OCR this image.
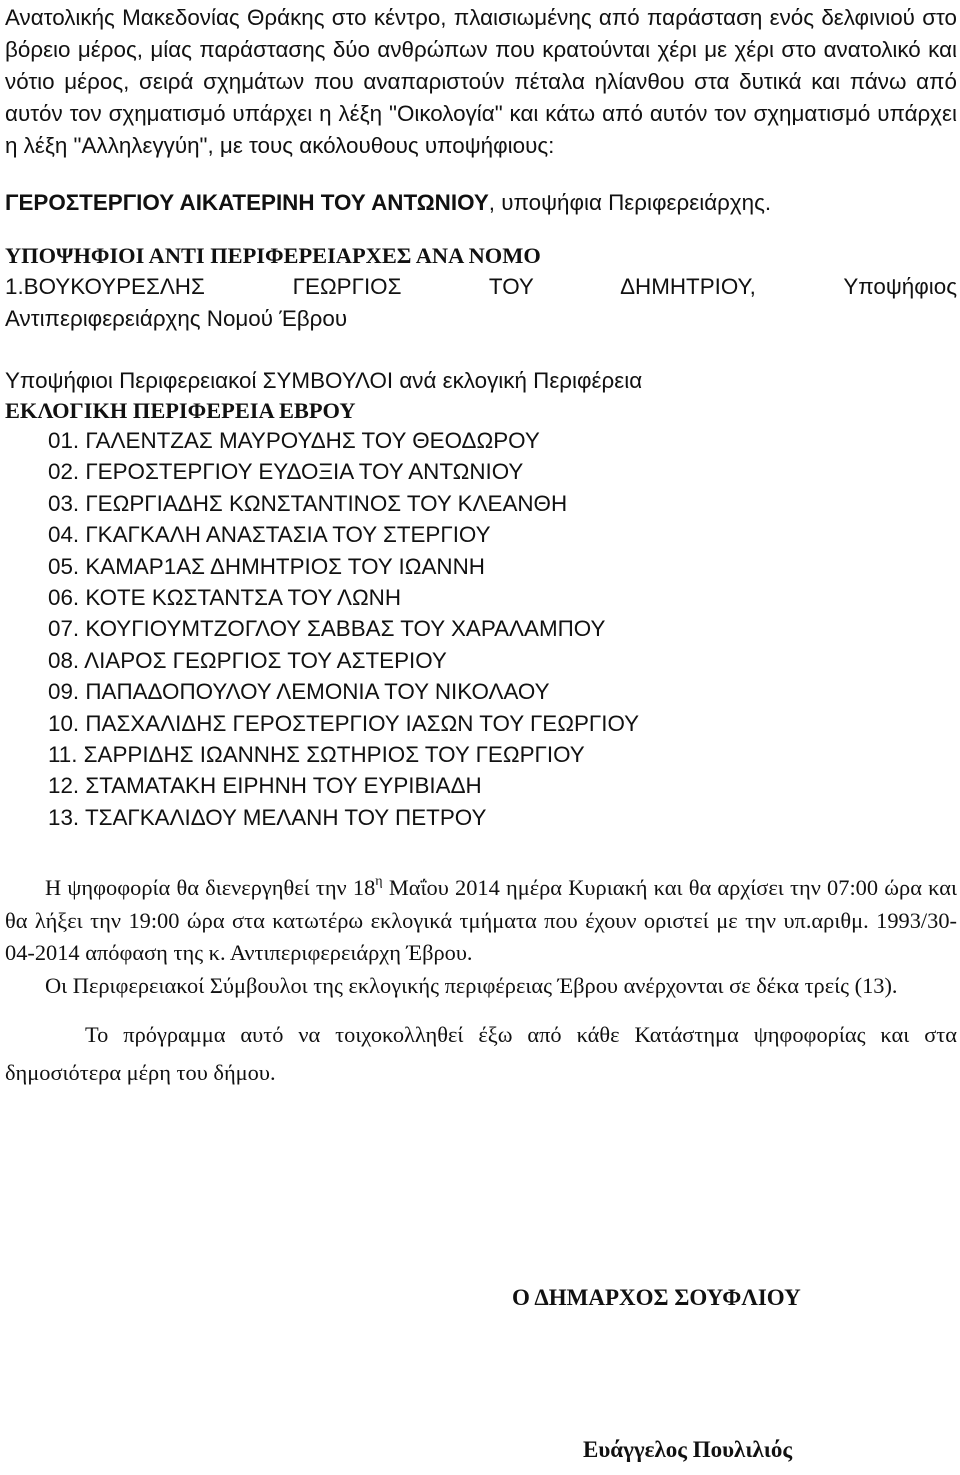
Ανατολικής Μακεδονίας Θράκης στο κέντρο, πλαισιωμένης από παράσταση ενός δελφινιού στο βόρειο μέρος, μίας παράστασης δύο ανθρώπων που κρατούνται χέρι με χέρι στο ανατολικό και νότιο μέρος, σειρά σχημάτων που αναπαριστούν πέταλα ηλίανθου στα δυτικά και πάνω από αυτόν τον σχηματισμό υπάρχει η λέξη "Οικολογία" και κάτω από αυτόν τον σχηματισμό υπάρχει η λέξη "Αλληλεγγύη", με τους ακόλουθους υποψήφιους:

ΓΕΡΟΣΤΕΡΓΙΟΥ ΑΙΚΑΤΕΡΙΝΗ ΤΟΥ ΑΝΤΩΝΙΟΥ, υποψήφια Περιφερειάρχης.

ΥΠΟΨΗΦΙΟΙ ΑΝΤΙ ΠΕΡΙΦΕΡΕΙΑΡΧΕΣ ΑΝΑ ΝΟΜΟ

1.ΒΟΥΚΟΥΡΕΣΛΗΣ ΓΕΩΡΓΙΟΣ ΤΟΥ ΔΗΜΗΤΡΙΟΥ, Υποψήφιος

Αντιπεριφερειάρχης Νομού Έβρου

Υποψήφιοι Περιφερειακοί ΣΥΜΒΟΥΛΟΙ ανά εκλογική Περιφέρεια

ΕΚΛΟΓΙΚΗ ΠΕΡΙΦΕΡΕΙΑ ΕΒΡΟΥ

01. ΓΑΛΕΝΤΖΑΣ ΜΑΥΡΟΥΔΗΣ ΤΟΥ ΘΕΟΔΩΡΟΥ
02. ΓΕΡΟΣΤΕΡΓΙΟΥ ΕΥΔΟΞΙΑ ΤΟΥ ΑΝΤΩΝΙΟΥ
03. ΓΕΩΡΓΙΑΔΗΣ ΚΩΝΣΤΑΝΤΙΝΟΣ ΤΟΥ ΚΛΕΑΝΘΗ
04. ΓΚΑΓΚΑΛΗ ΑΝΑΣΤΑΣΙΑ ΤΟΥ ΣΤΕΡΓΙΟΥ
05. ΚΑΜΑΡ1ΑΣ ΔΗΜΗΤΡΙΟΣ ΤΟΥ ΙΩΑΝΝΗ
06. ΚΟΤΕ ΚΩΣΤΑΝΤΣΑ ΤΟΥ ΛΩΝΗ
07. ΚΟΥΓΙΟΥΜΤΖΟΓΛΟΥ ΣΑΒΒΑΣ ΤΟΥ ΧΑΡΑΛΑΜΠΟΥ
08. ΛΙΑΡΟΣ ΓΕΩΡΓΙΟΣ ΤΟΥ ΑΣΤΕΡΙΟΥ
09. ΠΑΠΑΔΟΠΟΥΛΟΥ ΛΕΜΟΝΙΑ ΤΟΥ ΝΙΚΟΛΑΟΥ
10. ΠΑΣΧΑΛΙΔΗΣ ΓΕΡΟΣΤΕΡΓΙΟΥ ΙΑΣΩΝ ΤΟΥ ΓΕΩΡΓΙΟΥ
11. ΣΑΡΡΙΔΗΣ ΙΩΑΝΝΗΣ ΣΩΤΗΡΙΟΣ ΤΟΥ ΓΕΩΡΓΙΟΥ
12. ΣΤΑΜΑΤΑΚΗ ΕΙΡΗΝΗ ΤΟΥ ΕΥΡΙΒΙΑΔΗ
13. ΤΣΑΓΚΑΛΙΔΟΥ ΜΕΛΑΝΗ ΤΟΥ ΠΕΤΡΟΥ

Η ψηφοφορία θα διενεργηθεί την $18^\eta$ Μαΐου 2014 ημέρα Κυριακή και θα αρχίσει την 07:00 ώρα και θα λήξει την 19:00 ώρα στα κατωτέρω εκλογικά τμήματα που έχουν οριστεί με την υπ.αριθμ. 1993/30-04-2014 απόφαση της κ. Αντιπεριφερειάρχη Έβρου.

Οι Περιφερειακοί Σύμβουλοι της εκλογικής περιφέρειας Έβρου ανέρχονται σε δέκα τρείς (13).

Το πρόγραμμα αυτό να τοιχοκολληθεί έξω από κάθε Κατάστημα ψηφοφορίας και στα δημοσιότερα μέρη του δήμου.

Ο ΔΗΜΑΡΧΟΣ ΣΟΥΦΛΙΟΥ

Ευάγγελος Πουλιλιός
